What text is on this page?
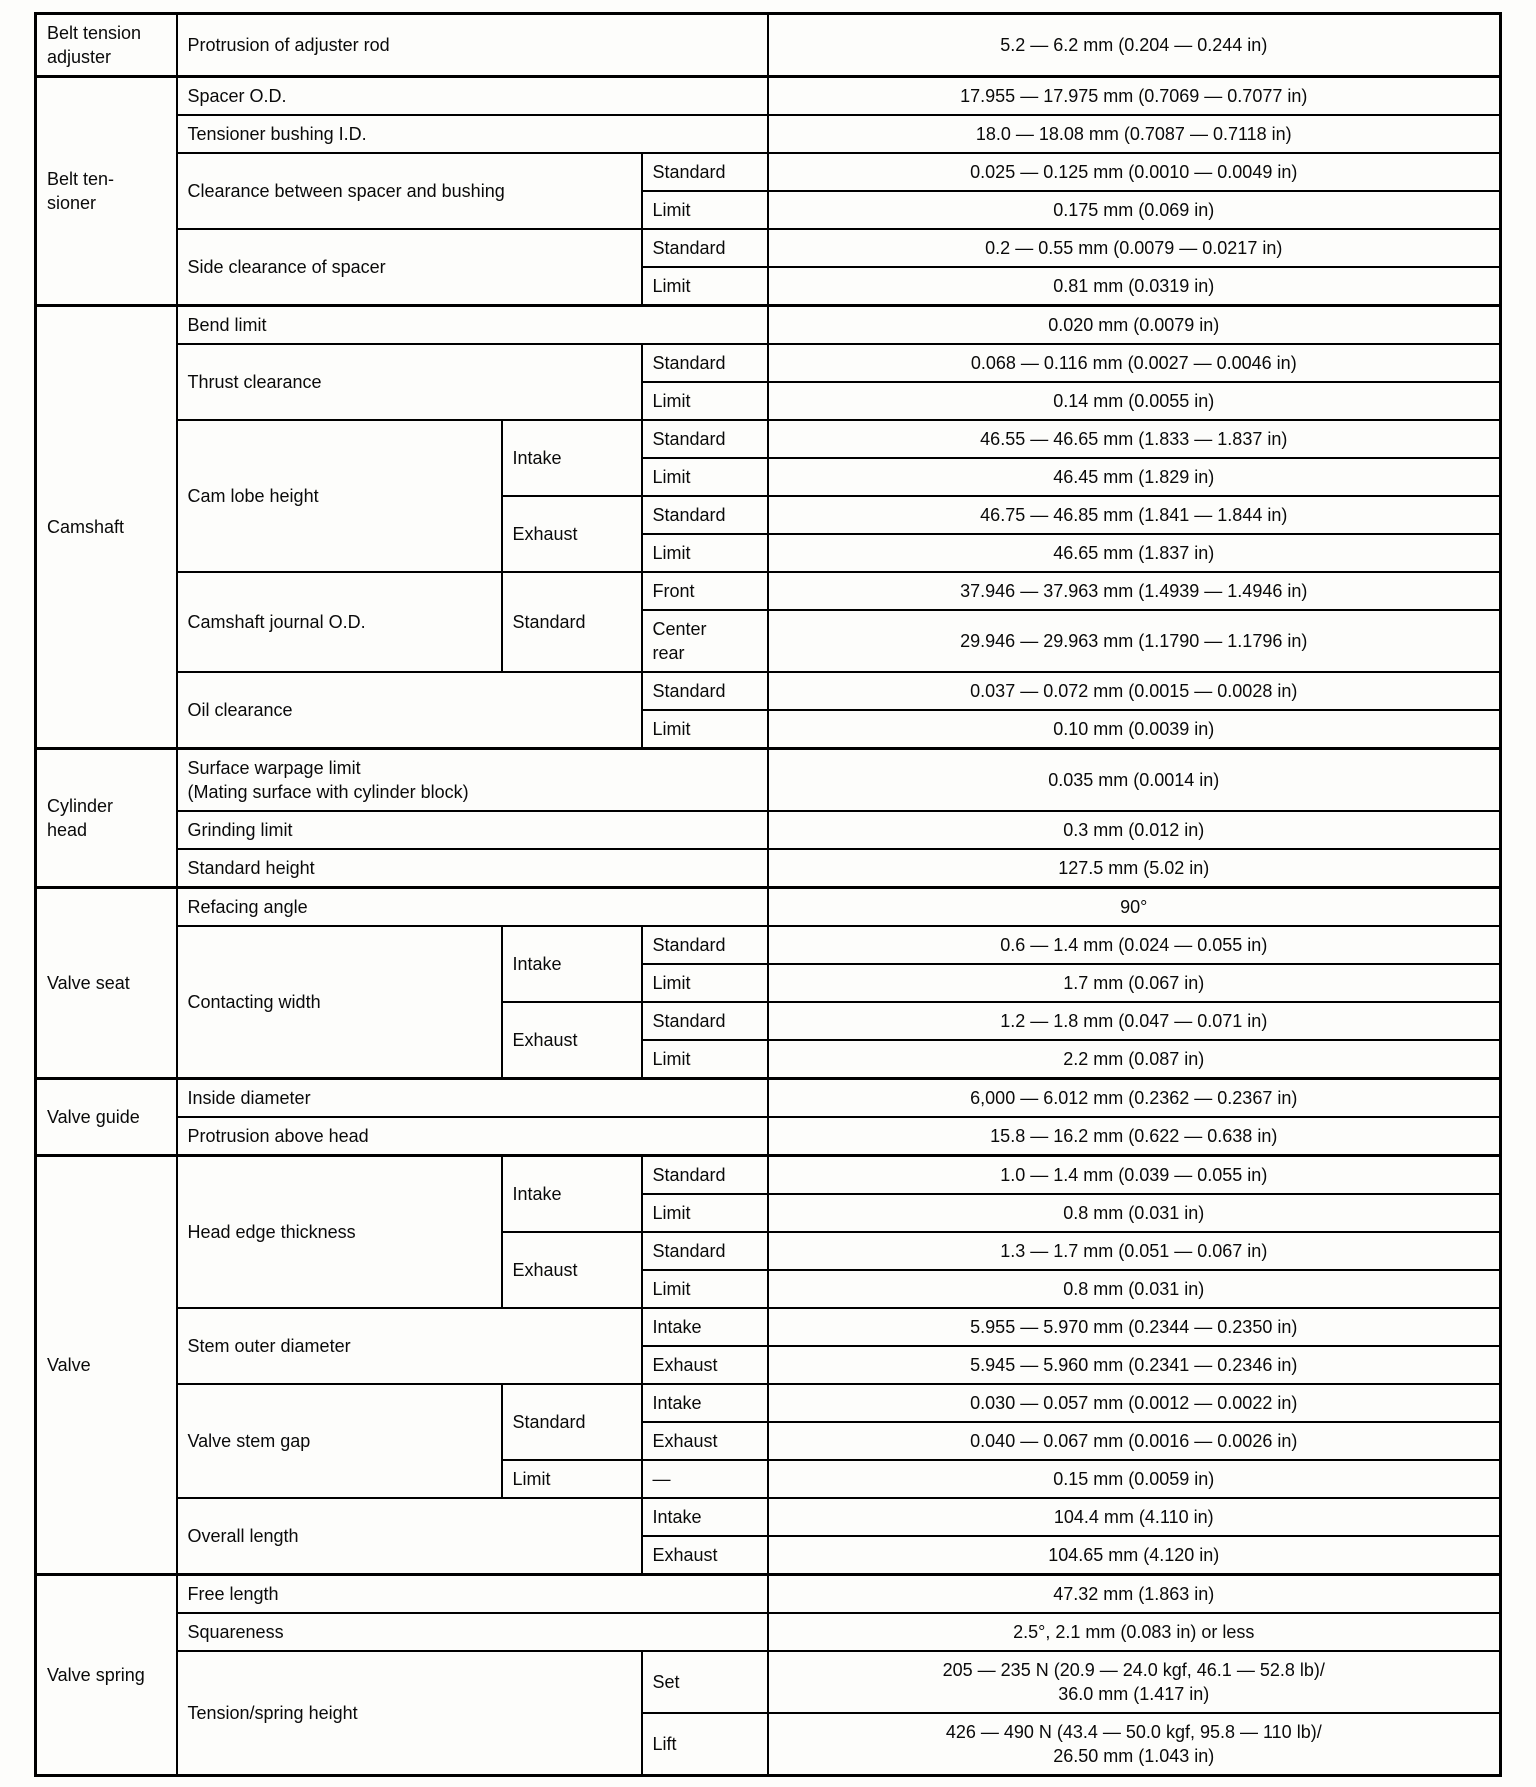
Belt tension adjuster	Protrusion of adjuster rod			5.2 — 6.2 mm (0.204 — 0.244 in)
Belt ten-
sioner	Spacer O.D.			17.955 — 17.975 mm (0.7069 — 0.7077 in)
	Tensioner bushing I.D.			18.0 — 18.08 mm (0.7087 — 0.7118 in)
	Clearance between spacer and bushing		Standard	0.025 — 0.125 mm (0.0010 — 0.0049 in)
			Limit	0.175 mm (0.069 in)
	Side clearance of spacer		Standard	0.2 — 0.55 mm (0.0079 — 0.0217 in)
			Limit	0.81 mm (0.0319 in)
Camshaft	Bend limit			0.020 mm (0.0079 in)
	Thrust clearance		Standard	0.068 — 0.116 mm (0.0027 — 0.0046 in)
			Limit	0.14 mm (0.0055 in)
	Cam lobe height	Intake	Standard	46.55 — 46.65 mm (1.833 — 1.837 in)
			Limit	46.45 mm (1.829 in)
		Exhaust	Standard	46.75 — 46.85 mm (1.841 — 1.844 in)
			Limit	46.65 mm (1.837 in)
	Camshaft journal O.D.	Standard	Front	37.946 — 37.963 mm (1.4939 — 1.4946 in)
			Center
rear	29.946 — 29.963 mm (1.1790 — 1.1796 in)
	Oil clearance		Standard	0.037 — 0.072 mm (0.0015 — 0.0028 in)
			Limit	0.10 mm (0.0039 in)
Cylinder
head	Surface warpage limit
(Mating surface with cylinder block)			0.035 mm (0.0014 in)
	Grinding limit			0.3 mm (0.012 in)
	Standard height			127.5 mm (5.02 in)
Valve seat	Refacing angle			90°
	Contacting width	Intake	Standard	0.6 — 1.4 mm (0.024 — 0.055 in)
			Limit	1.7 mm (0.067 in)
		Exhaust	Standard	1.2 — 1.8 mm (0.047 — 0.071 in)
			Limit	2.2 mm (0.087 in)
Valve guide	Inside diameter			6,000 — 6.012 mm (0.2362 — 0.2367 in)
	Protrusion above head			15.8 — 16.2 mm (0.622 — 0.638 in)
Valve	Head edge thickness	Intake	Standard	1.0 — 1.4 mm (0.039 — 0.055 in)
			Limit	0.8 mm (0.031 in)
		Exhaust	Standard	1.3 — 1.7 mm (0.051 — 0.067 in)
			Limit	0.8 mm (0.031 in)
	Stem outer diameter		Intake	5.955 — 5.970 mm (0.2344 — 0.2350 in)
			Exhaust	5.945 — 5.960 mm (0.2341 — 0.2346 in)
	Valve stem gap	Standard	Intake	0.030 — 0.057 mm (0.0012 — 0.0022 in)
			Exhaust	0.040 — 0.067 mm (0.0016 — 0.0026 in)
		Limit	—	0.15 mm (0.0059 in)
	Overall length		Intake	104.4 mm (4.110 in)
			Exhaust	104.65 mm (4.120 in)
Valve spring	Free length			47.32 mm (1.863 in)
	Squareness			2.5°, 2.1 mm (0.083 in) or less
	Tension/spring height		Set	205 — 235 N (20.9 — 24.0 kgf, 46.1 — 52.8 lb)/
36.0 mm (1.417 in)
			Lift	426 — 490 N (43.4 — 50.0 kgf, 95.8 — 110 lb)/
26.50 mm (1.043 in)
